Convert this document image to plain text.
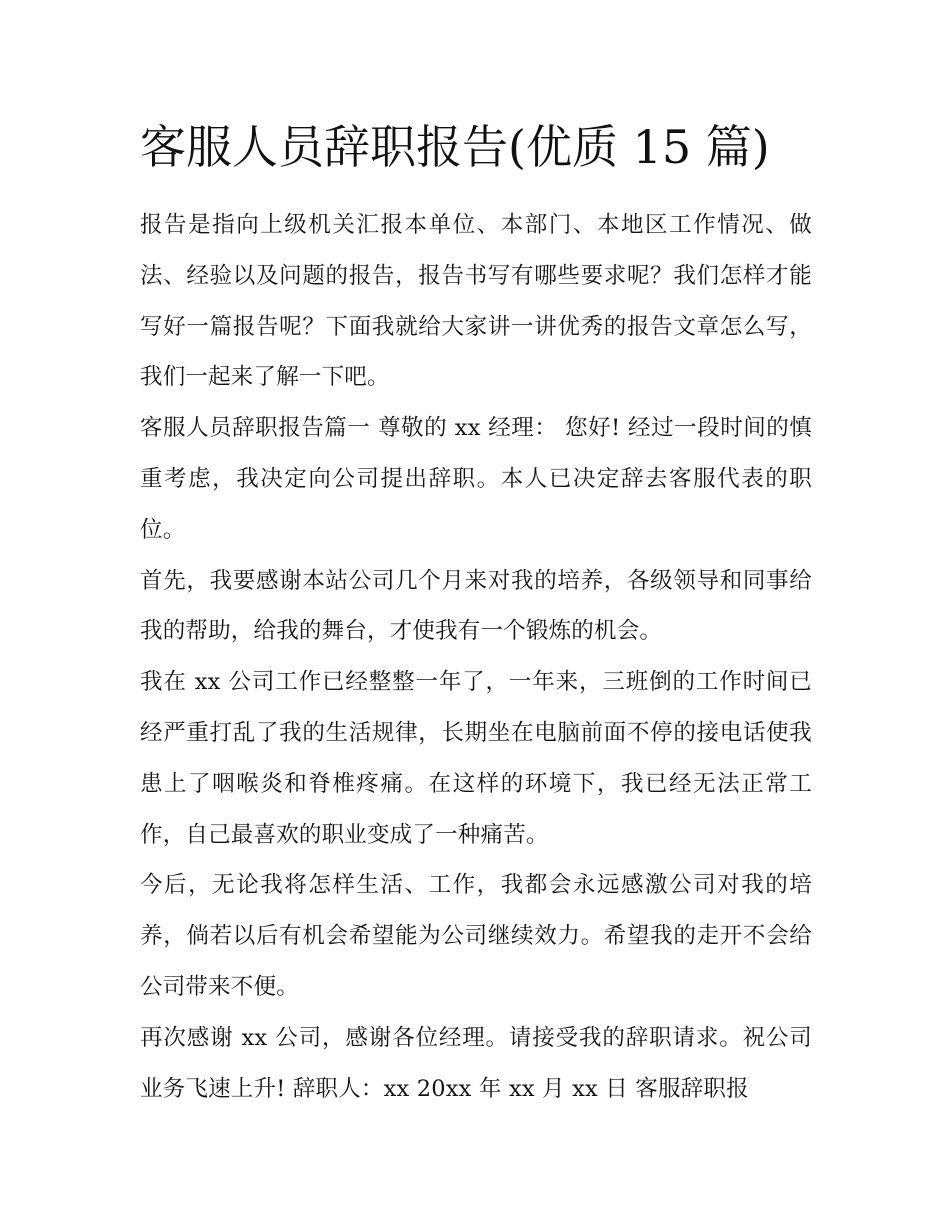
客服人员辞职报告(优质 15 篇)

报告是指向上级机关汇报本单位、本部门、本地区工作情况、做法、经验以及问题的报告，报告书写有哪些要求呢？我们怎样才能写好一篇报告呢？下面我就给大家讲一讲优秀的报告文章怎么写，我们一起来了解一下吧。

客服人员辞职报告篇一 尊敬的 xx 经理： 您好! 经过一段时间的慎重考虑，我决定向公司提出辞职。本人已决定辞去客服代表的职位。

首先，我要感谢本站公司几个月来对我的培养，各级领导和同事给我的帮助，给我的舞台，才使我有一个锻炼的机会。

我在 xx 公司工作已经整整一年了，一年来，三班倒的工作时间已经严重打乱了我的生活规律，长期坐在电脑前面不停的接电话使我患上了咽喉炎和脊椎疼痛。在这样的环境下，我已经无法正常工作，自己最喜欢的职业变成了一种痛苦。

今后，无论我将怎样生活、工作，我都会永远感激公司对我的培养，倘若以后有机会希望能为公司继续效力。希望我的走开不会给公司带来不便。

再次感谢 xx 公司，感谢各位经理。请接受我的辞职请求。祝公司业务飞速上升! 辞职人：xx 20xx 年 xx 月 xx 日 客服辞职报
